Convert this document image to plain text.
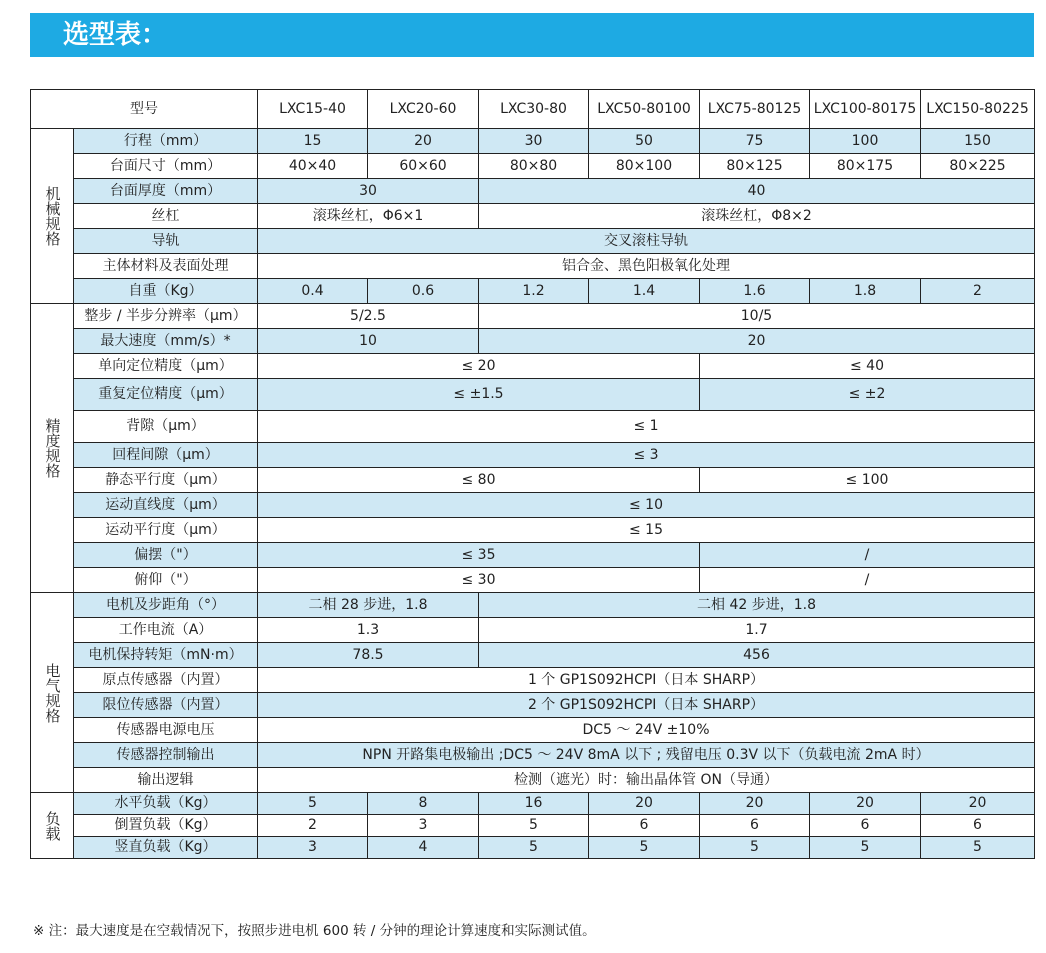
选型表：
型号		LXC15-40	LXC20-60	LXC30-80	LXC50-80100	LXC75-80125	LXC100-80175	LXC150-80225
机械规格	行程（mm）	15	20	30	50	75	100	150
	台面尺寸（mm）	40×40	60×60	80×80	80×100	80×125	80×175	80×225
	台面厚度（mm）	30		40				
	丝杠	滚珠丝杠，Φ6×1		滚珠丝杠，Φ8×2				
	导轨	交叉滚柱导轨						
	主体材料及表面处理	铝合金、黑色阳极氧化处理						
	自重（Kg）	0.4	0.6	1.2	1.4	1.6	1.8	2
精度规格	整步 / 半步分辨率（μm）	5/2.5		10/5				
	最大速度（mm/s）*	10		20				
	单向定位精度（μm）	≤ 20				≤ 40		
	重复定位精度（μm）	≤ ±1.5				≤ ±2		
	背隙（μm）	≤ 1						
	回程间隙（μm）	≤ 3						
	静态平行度（μm）	≤ 80				≤ 100		
	运动直线度（μm）	≤ 10						
	运动平行度（μm）	≤ 15						
	偏摆（"）	≤ 35				/		
	俯仰（"）	≤ 30				/		
电气规格	电机及步距角（°）	二相 28 步进，1.8		二相 42 步进，1.8				
	工作电流（A）	1.3		1.7				
	电机保持转矩（mN·m）	78.5		456				
	原点传感器（内置）	1 个 GP1S092HCPI（日本 SHARP）						
	限位传感器（内置）	2 个 GP1S092HCPI（日本 SHARP）						
	传感器电源电压	DC5 ～ 24V ±10%						
	传感器控制输出	NPN 开路集电极输出 ;DC5 ～ 24V 8mA 以下 ; 残留电压 0.3V 以下（负载电流 2mA 时）						
	输出逻辑	检测（遮光）时：输出晶体管 ON（导通）						
负载	水平负载（Kg）	5	8	16	20	20	20	20
	倒置负载（Kg）	2	3	5	6	6	6	6
	竖直负载（Kg）	3	4	5	5	5	5	5
※ 注：最大速度是在空载情况下，按照步进电机 600 转 / 分钟的理论计算速度和实际测试值。
